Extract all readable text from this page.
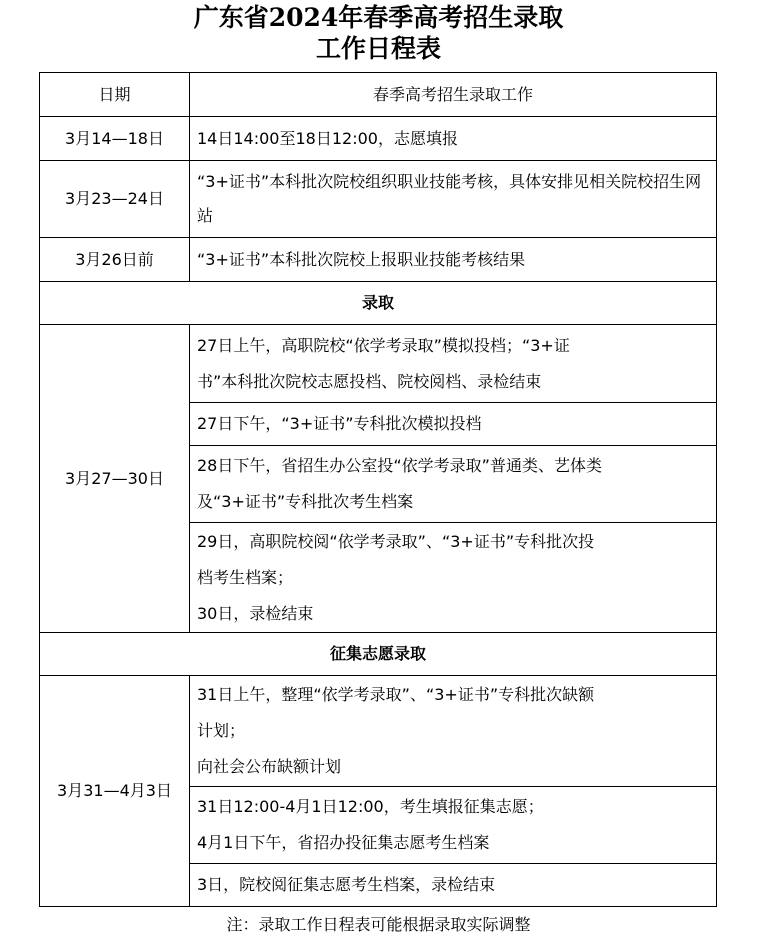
广东省2024年春季高考招生录取
工作日程表
日期	春季高考招生录取工作
3月14—18日	14日14:00至18日12:00，志愿填报
3月23—24日	“3+证书”本科批次院校组织职业技能考核，具体安排见相关院校招生网站
3月26日前	“3+证书”本科批次院校上报职业技能考核结果
录取	
3月27—30日	27日上午，高职院校“依学考录取”模拟投档；“3+证
书”本科批次院校志愿投档、院校阅档、录检结束

	27日下午，“3+证书”专科批次模拟投档

	28日下午，省招生办公室投“依学考录取”普通类、艺体类
及“3+证书”专科批次考生档案

	29日，高职院校阅“依学考录取”、“3+证书”专科批次投
档考生档案；
30日，录检结束

征集志愿录取	
3月31—4月3日	31日上午，整理“依学考录取”、“3+证书”专科批次缺额
计划；
向社会公布缺额计划

	31日12:00-4月1日12:00，考生填报征集志愿；
4月1日下午，省招办投征集志愿考生档案

	3日，院校阅征集志愿考生档案，录检结束
注：录取工作日程表可能根据录取实际调整
